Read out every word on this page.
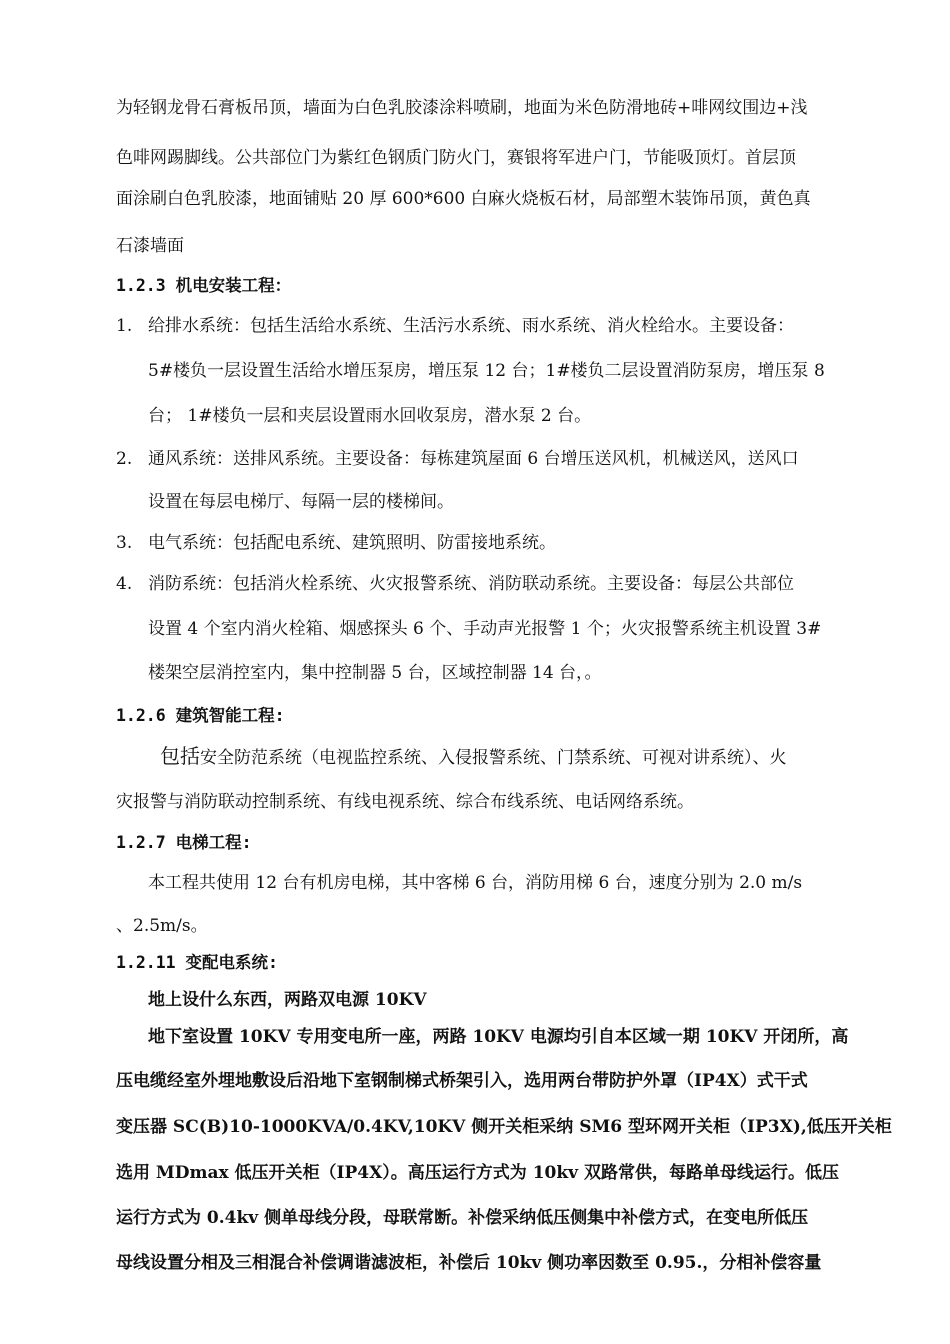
为轻钢龙骨石膏板吊顶，墙面为白色乳胶漆涂料喷刷，地面为米色防滑地砖+啡网纹围边+浅
色啡网踢脚线。公共部位门为紫红色钢质门防火门，赛银将军进户门，节能吸顶灯。首层顶
面涂刷白色乳胶漆，地面铺贴 20 厚 600*600 白麻火烧板石材，局部塑木装饰吊顶，黄色真
石漆墙面
1.2.3 机电安装工程：
1. 给排水系统：包括生活给水系统、生活污水系统、雨水系统、消火栓给水。主要设备：
5#楼负一层设置生活给水增压泵房，增压泵 12 台；1#楼负二层设置消防泵房，增压泵 8
台； 1#楼负一层和夹层设置雨水回收泵房，潜水泵 2 台。
2. 通风系统：送排风系统。主要设备：每栋建筑屋面 6 台增压送风机，机械送风，送风口
设置在每层电梯厅、每隔一层的楼梯间。
3. 电气系统：包括配电系统、建筑照明、防雷接地系统。
4. 消防系统：包括消火栓系统、火灾报警系统、消防联动系统。主要设备：每层公共部位
设置 4 个室内消火栓箱、烟感探头 6 个、手动声光报警 1 个；火灾报警系统主机设置 3#
楼架空层消控室内，集中控制器 5 台，区域控制器 14 台，。
1.2.6 建筑智能工程:
包括安全防范系统（电视监控系统、入侵报警系统、门禁系统、可视对讲系统）、火
灾报警与消防联动控制系统、有线电视系统、综合布线系统、电话网络系统。
1.2.7 电梯工程:
本工程共使用 12 台有机房电梯，其中客梯 6 台，消防用梯 6 台，速度分别为 2.0 m/s
、2.5m/s。
1.2.11 变配电系统:
地上设什么东西，两路双电源 10KV
地下室设置 10KV 专用变电所一座，两路 10KV 电源均引自本区域一期 10KV 开闭所，高
压电缆经室外埋地敷设后沿地下室钢制梯式桥架引入，选用两台带防护外罩（IP4X）式干式
变压器 SC(B)10-1000KVA/0.4KV,10KV 侧开关柜采纳 SM6 型环网开关柜（IP3X),低压开关柜
选用 MDmax 低压开关柜（IP4X）。高压运行方式为 10kv 双路常供，每路单母线运行。低压
运行方式为 0.4kv 侧单母线分段，母联常断。补偿采纳低压侧集中补偿方式，在变电所低压
母线设置分相及三相混合补偿调谐滤波柜，补偿后 10kv 侧功率因数至 0.95.，分相补偿容量
